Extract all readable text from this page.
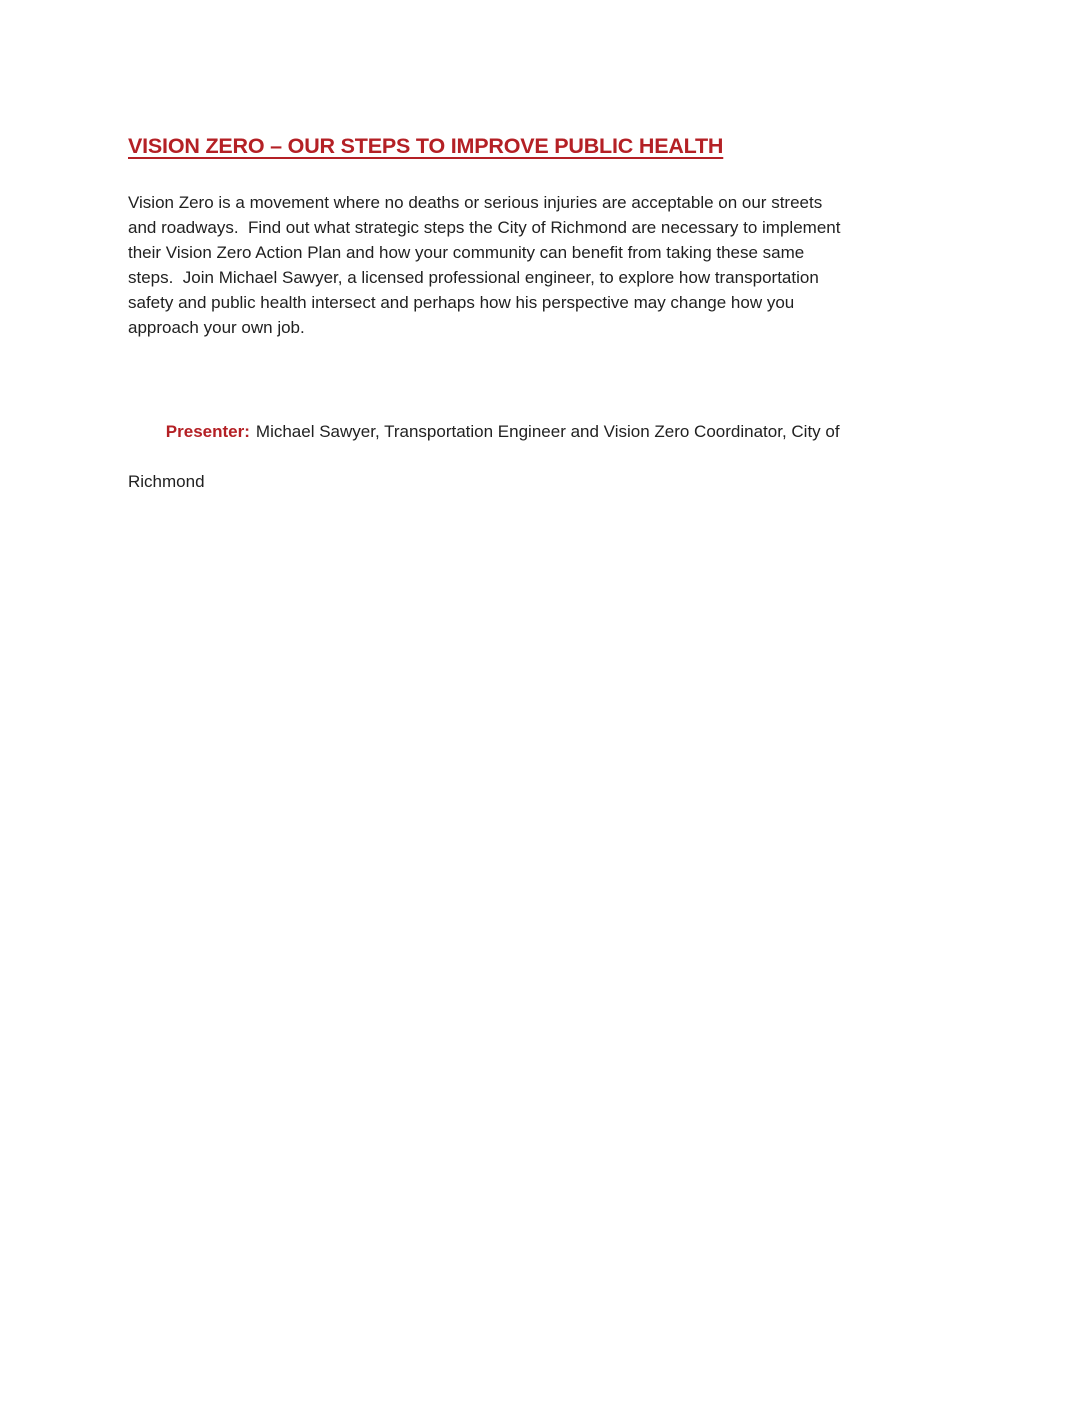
VISION ZERO – OUR STEPS TO IMPROVE PUBLIC HEALTH
Vision Zero is a movement where no deaths or serious injuries are acceptable on our streets
and roadways.  Find out what strategic steps the City of Richmond are necessary to implement
their Vision Zero Action Plan and how your community can benefit from taking these same
steps.  Join Michael Sawyer, a licensed professional engineer, to explore how transportation
safety and public health intersect and perhaps how his perspective may change how you
approach your own job.

Presenter: Michael Sawyer, Transportation Engineer and Vision Zero Coordinator, City of

Richmond
